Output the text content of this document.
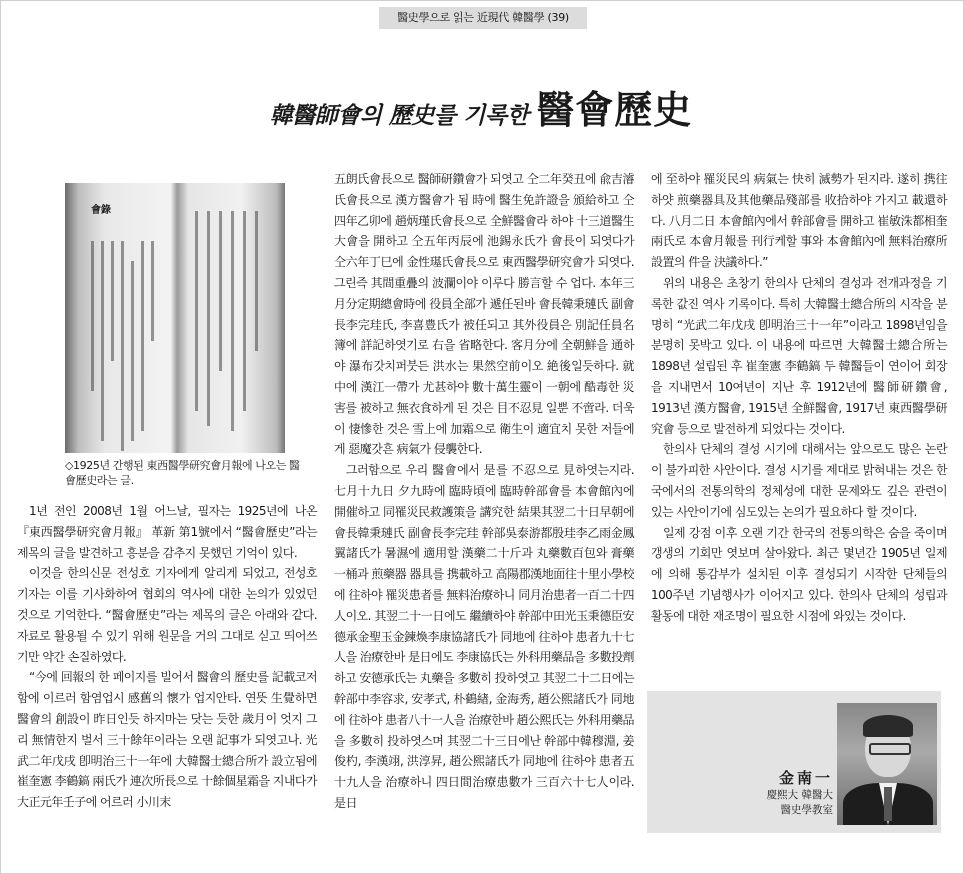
醫史學으로 읽는 近現代 韓醫學 (39)
韓醫師會의 歷史를 기록한 醫會歷史
會錄
◇1925년 간행된 東西醫學研究會月報에 나오는 醫會歷史라는 글.

1년 전인 2008년 1월 어느날, 필자는 1925년에 나온 『東西醫學研究會月報』 革新 第1號에서 “醫會歷史”라는 제목의 글을 발견하고 흥분을 감추지 못했던 기억이 있다.

이것을 한의신문 전성호 기자에게 알리게 되었고, 전성호 기자는 이를 기사화하여 협회의 역사에 대한 논의가 있었던 것으로 기억한다. “醫會歷史”라는 제목의 글은 아래와 같다. 자료로 활용될 수 있기 위해 원문을 거의 그대로 싣고 띄어쓰기만 약간 손질하였다.

“今에 回報의 한 페이지를 빌어서 醫會의 歷史를 記載코저함에 이르러 함염업시 感舊의 懷가 업지안타. 연뜻 生覺하면 醫會의 創設이 昨日인듯 하지마는 닷는 듯한 歲月이 엇지 그리 無情한지 벌서 三十餘年이라는 오랜 記事가 되엿고나. 光武二年戊戌 卽明治三十一年에 大韓醫士總合所가 設立됨에 崔奎憲 李鶴鎬 兩氏가 連次所長으로 十餘個星霜을 지내다가 大正元年壬子에 어르러 小川末

五朗氏會長으로 醫師研鑽會가 되엿고 仝二年癸丑에 兪吉濬氏會長으로 漢方醫會가 됨 時에 醫生免許證을 頒給하고 仝四年乙卯에 趙炳瑾氏會長으로 全鮮醫會라 하야 十三道醫生大會을 開하고 仝五年丙辰에 池錫永氏가 會長이 되엿다가 仝六年丁巳에 金性璂氏會長으로 東西醫學研究會가 되엿다. 그린즉 其間重疊의 波瀾이야 이루다 勝言할 수 업다. 本年三月分定期總會時에 役員全部가 遞任된바 會長韓秉璉氏 副會長李完珪氏, 李喜豊氏가 被任되고 其外役員은 別記任員名簿에 詳記하엿기로 右을 省略한다. 客月分에 全朝鮮을 通하야 瀑布갓치퍼붓든 洪水는 果然空前이오 絶後일듯하다. 就中에 漢江一帶가 尤甚하야 數十萬生靈이 一朝에 酷毒한 災害를 被하고 無衣食하게 된 것은 目不忍見 일뿐 不啻라. 더욱이 悽慘한 것은 雪上에 加霜으로 衛生이 適宜치 못한 저들에게 惡魔갓흔 病氣가 侵襲한다.

그러함으로 우리 醫會에서 是를 不忍으로 見하엿는지라. 七月十九日 夕九時에 臨時頃에 臨時幹部會를 本會館內에 開催하고 同罹災民救護策을 講究한 結果其翌二十日早朝에 會長韓秉璉氏 副會長李完珪 幹部吳泰游都殷珪李乙雨金鳳翼諸氏가 暑濕에 適用할 漢藥二十斤과 丸藥數百包와 膏藥一桶과 煎藥器 器具를 携載하고 高陽郡漢地面往十里小學校에 往하야 罹災患者를 無料治療하니 同月治患者一百二十四人이오. 其翌二十一日에도 繼續하야 幹部中田光玉秉德臣安德承金聖玉金鍊煥李康協諸氏가 同地에 往하야 患者九十七人을 治療한바 是日에도 李康協氏는 外科用藥品을 多數投劑하고 安德承氏는 丸藥을 多數히 投하엿고 其翌二十二日에는 幹部中李容求, 安孝式, 朴鶴緖, 金海秀, 趙公熙諸氏가 同地에 往하야 患者八十一人을 治療한바 趙公熙氏는 外科用藥品을 多數히 投하엿스며 其翌二十三日에난 幹部中韓穆淵, 姜俊杓, 李漢翊, 洪淳昇, 趙公熙諸氏가 同地에 往하야 患者五十九人을 治療하니 四日間治療患數가 三百六十七人이라. 是日

에 至하야 罹災民의 病氣는 快히 滅勢가 된지라. 遂히 携往하얏 煎藥器具及其他藥品殘部를 收拾하야 가지고 載還하다. 八月二日 本會館內에서 幹部會를 開하고 崔敏洙都相奎兩氏로 本會月報를 刊行케할 事와 本會館內에 無料治療所設置의 件을 決議하다.”

위의 내용은 초창기 한의사 단체의 결성과 전개과정을 기록한 값진 역사 기록이다. 특히 大韓醫士總合所의 시작을 분명히 “光武二年戊戌 卽明治三十一年”이라고 1898년임을 분명히 못박고 있다. 이 내용에 따르면 大韓醫士總合所는 1898년 설립된 후 崔奎憲 李鶴鎬 두 韓醫들이 연이어 회장을 지내면서 10여년이 지난 후 1912년에 醫師研鑽會, 1913년 漢方醫會, 1915년 全鮮醫會, 1917년 東西醫學研究會 등으로 발전하게 되었다는 것이다.

한의사 단체의 결성 시기에 대해서는 앞으로도 많은 논란이 불가피한 사안이다. 결성 시기를 제대로 밝혀내는 것은 한국에서의 전통의학의 정체성에 대한 문제와도 깊은 관련이 있는 사안이기에 심도있는 논의가 필요하다 할 것이다.

일제 강점 이후 오랜 기간 한국의 전통의학은 숨을 죽이며 갱생의 기회만 엿보며 살아왔다. 최근 몇년간 1905년 일제에 의해 통감부가 설치된 이후 결성되기 시작한 단체들의 100주년 기념행사가 이어지고 있다. 한의사 단체의 성립과 활동에 대한 재조명이 필요한 시점에 와있는 것이다.

金南一
慶熙大 韓醫大
醫史學教室
